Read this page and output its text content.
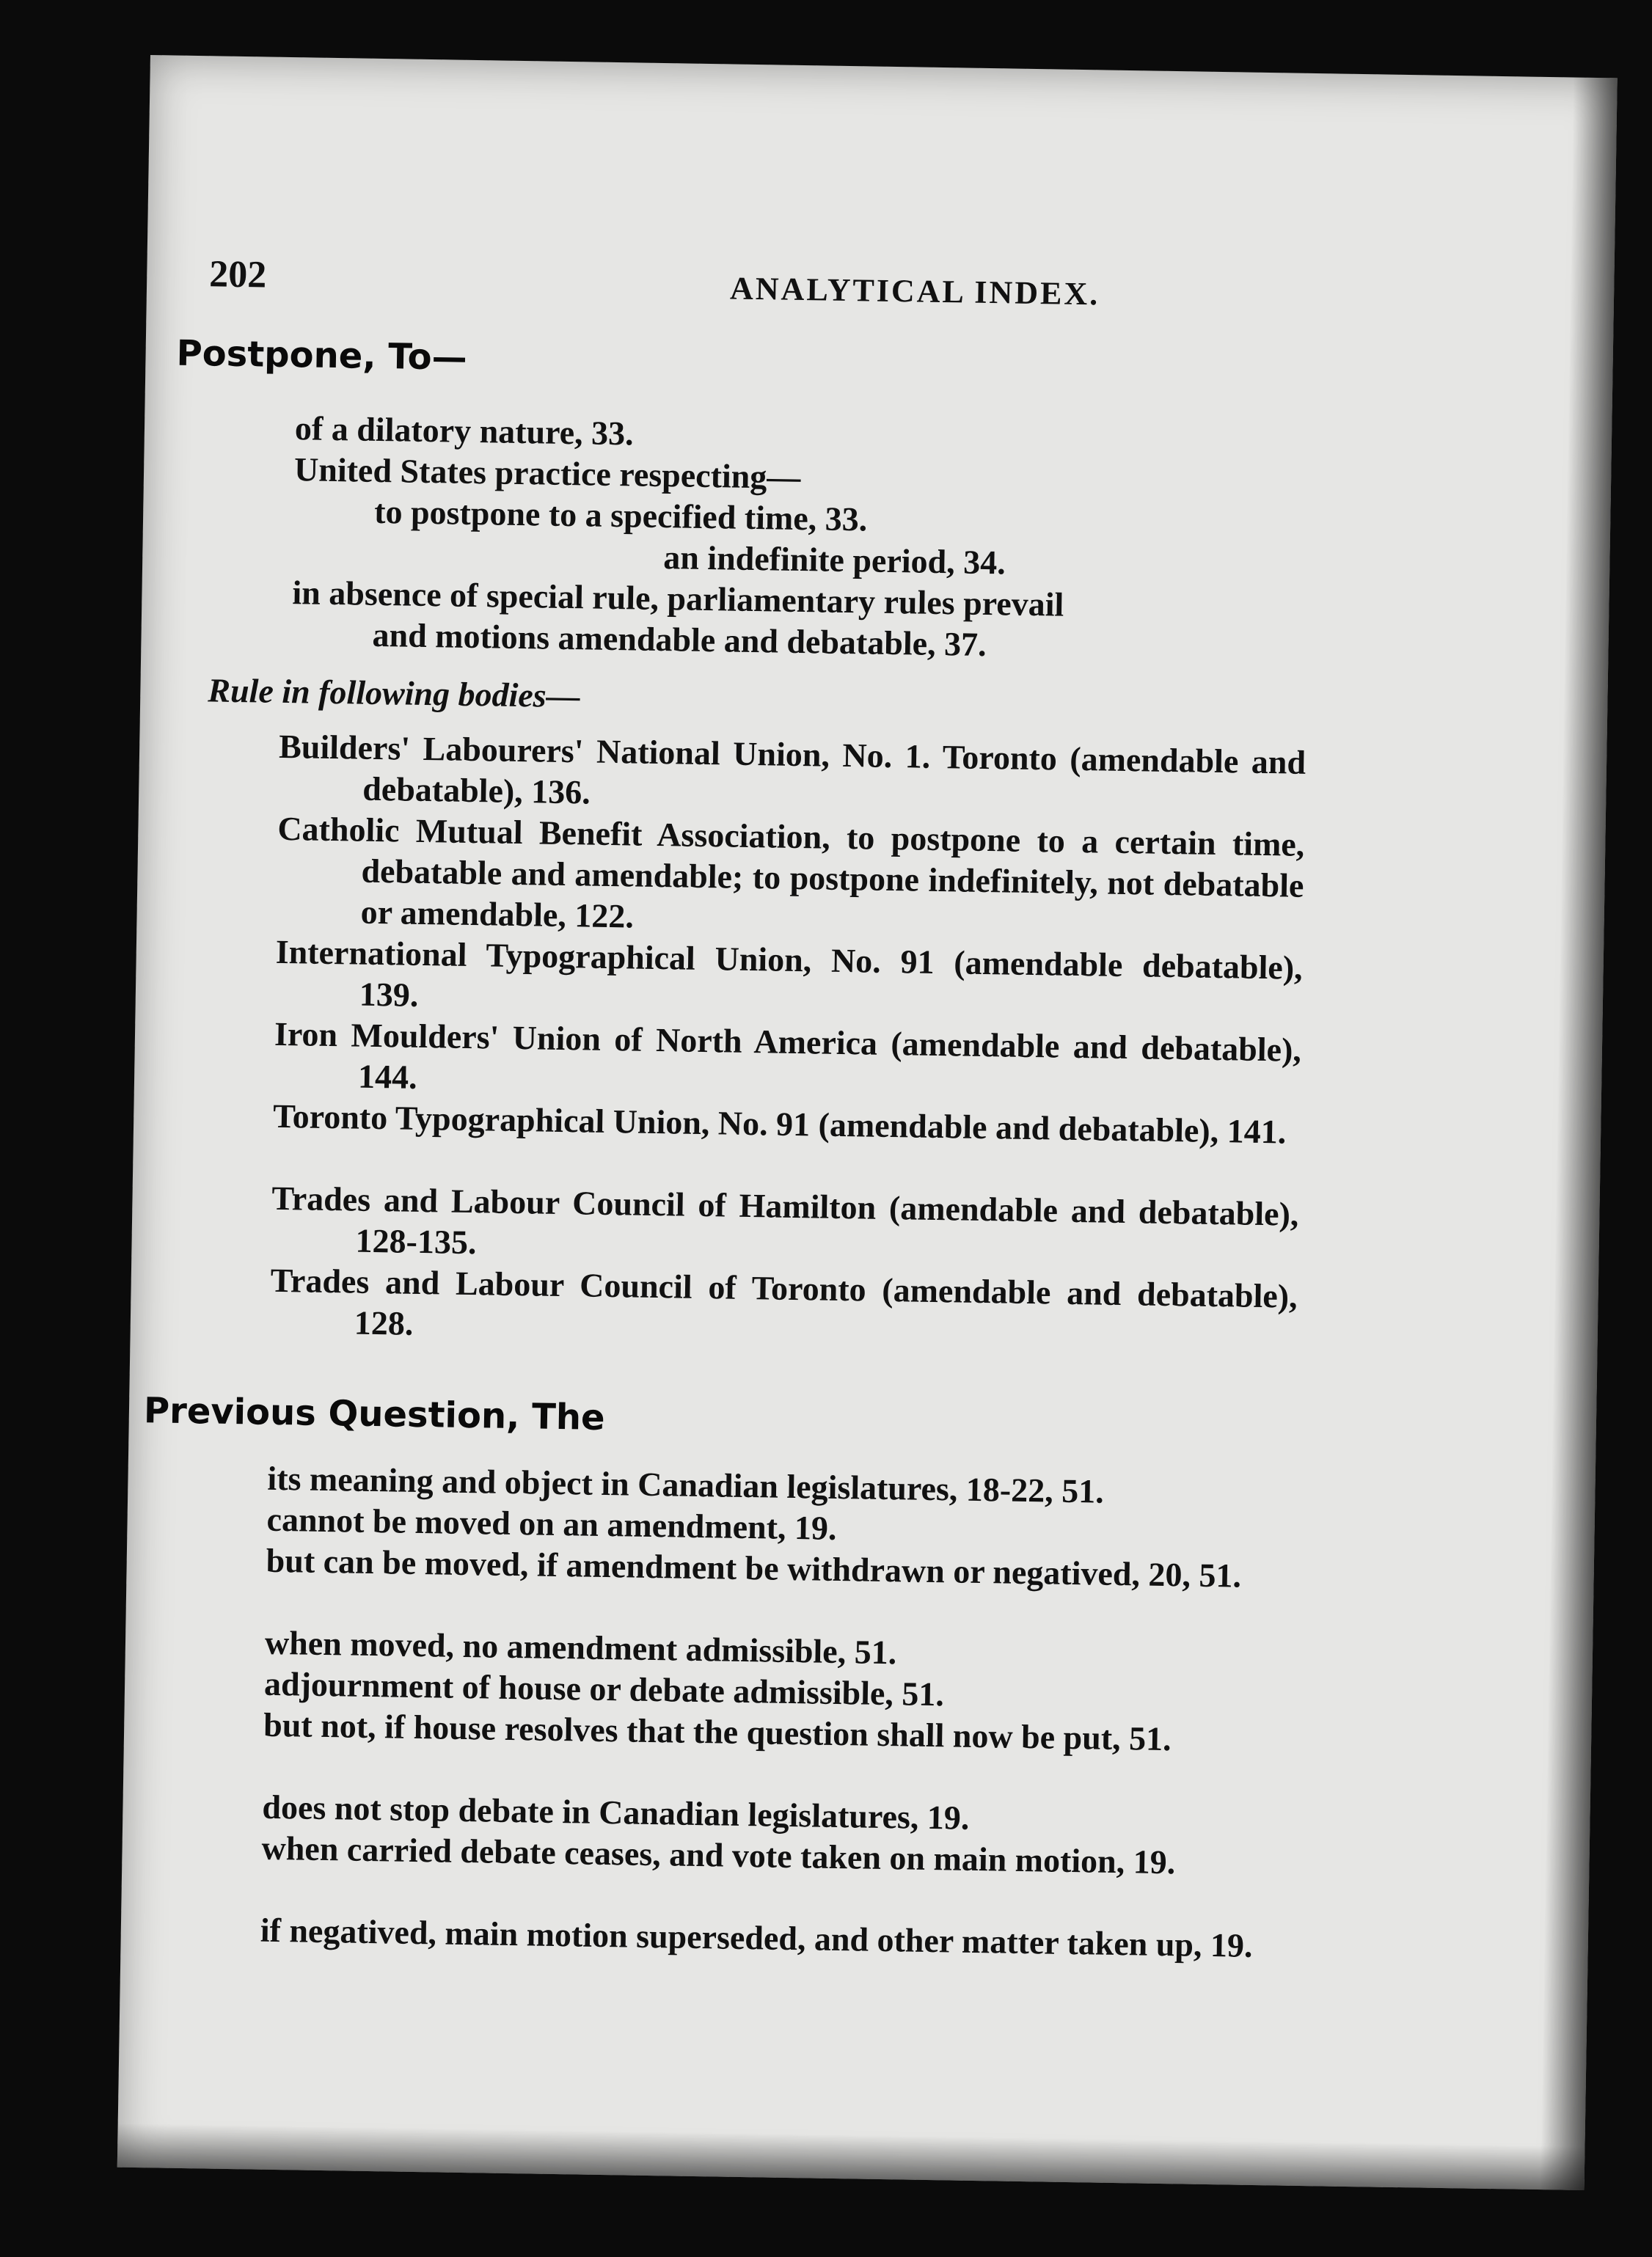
202	ANALYTICAL INDEX.
Postpone, To—
of a dilatory nature, 33.
United States practice respecting—
to postpone to a specified time, 33.
an indefinite period, 34.
in absence of special rule, parliamentary rules prevail
and motions amendable and debatable, 37.
Rule in following bodies—
Builders' Labourers' National Union, No. 1. Toronto (amendable and debatable), 136.
Catholic Mutual Benefit Association, to postpone to a certain time, debatable and amendable; to postpone indefinitely, not debatable or amendable, 122.
International Typographical Union, No. 91 (amendable debatable), 139.
Iron Moulders' Union of North America (amendable and debatable), 144.
Toronto Typographical Union, No. 91 (amendable and debatable), 141.
Trades and Labour Council of Hamilton (amendable and debatable), 128-135.
Trades and Labour Council of Toronto (amendable and debatable), 128.
Previous Question, The
its meaning and object in Canadian legislatures, 18-22, 51.
cannot be moved on an amendment, 19.
but can be moved, if amendment be withdrawn or negatived, 20, 51.
when moved, no amendment admissible, 51.
adjournment of house or debate admissible, 51.
but not, if house resolves that the question shall now be put, 51.
does not stop debate in Canadian legislatures, 19.
when carried debate ceases, and vote taken on main motion, 19.
if negatived, main motion superseded, and other matter taken up, 19.
